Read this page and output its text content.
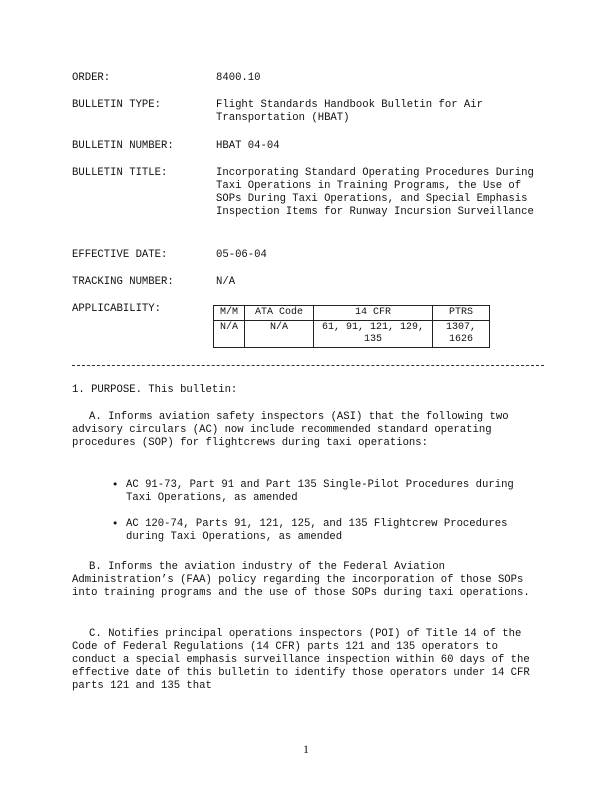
ORDER:	8400.10
BULLETIN TYPE:	Flight Standards Handbook Bulletin for Air Transportation (HBAT)
BULLETIN NUMBER:	HBAT 04-04
BULLETIN TITLE:	Incorporating Standard Operating Procedures During Taxi Operations in Training Programs, the Use of SOPs During Taxi Operations, and Special Emphasis Inspection Items for Runway Incursion Surveillance
EFFECTIVE DATE:	05-06-04
TRACKING NUMBER:	N/A
APPLICABILITY:	M/M	ATA Code	14 CFR	PTRS
N/A	N/A	61, 91, 121, 129, 135	1307, 1626
1. PURPOSE. This bulletin:
A. Informs aviation safety inspectors (ASI) that the following two advisory circulars (AC) now include recommended standard operating procedures (SOP) for flightcrews during taxi operations:
• AC 91-73, Part 91 and Part 135 Single-Pilot Procedures during Taxi Operations, as amended
• AC 120-74, Parts 91, 121, 125, and 135 Flightcrew Procedures during Taxi Operations, as amended
B. Informs the aviation industry of the Federal Aviation Administration’s (FAA) policy regarding the incorporation of those SOPs into training programs and the use of those SOPs during taxi operations.
C. Notifies principal operations inspectors (POI) of Title 14 of the Code of Federal Regulations (14 CFR) parts 121 and 135 operators to conduct a special emphasis surveillance inspection within 60 days of the effective date of this bulletin to identify those operators under 14 CFR parts 121 and 135 that
1
